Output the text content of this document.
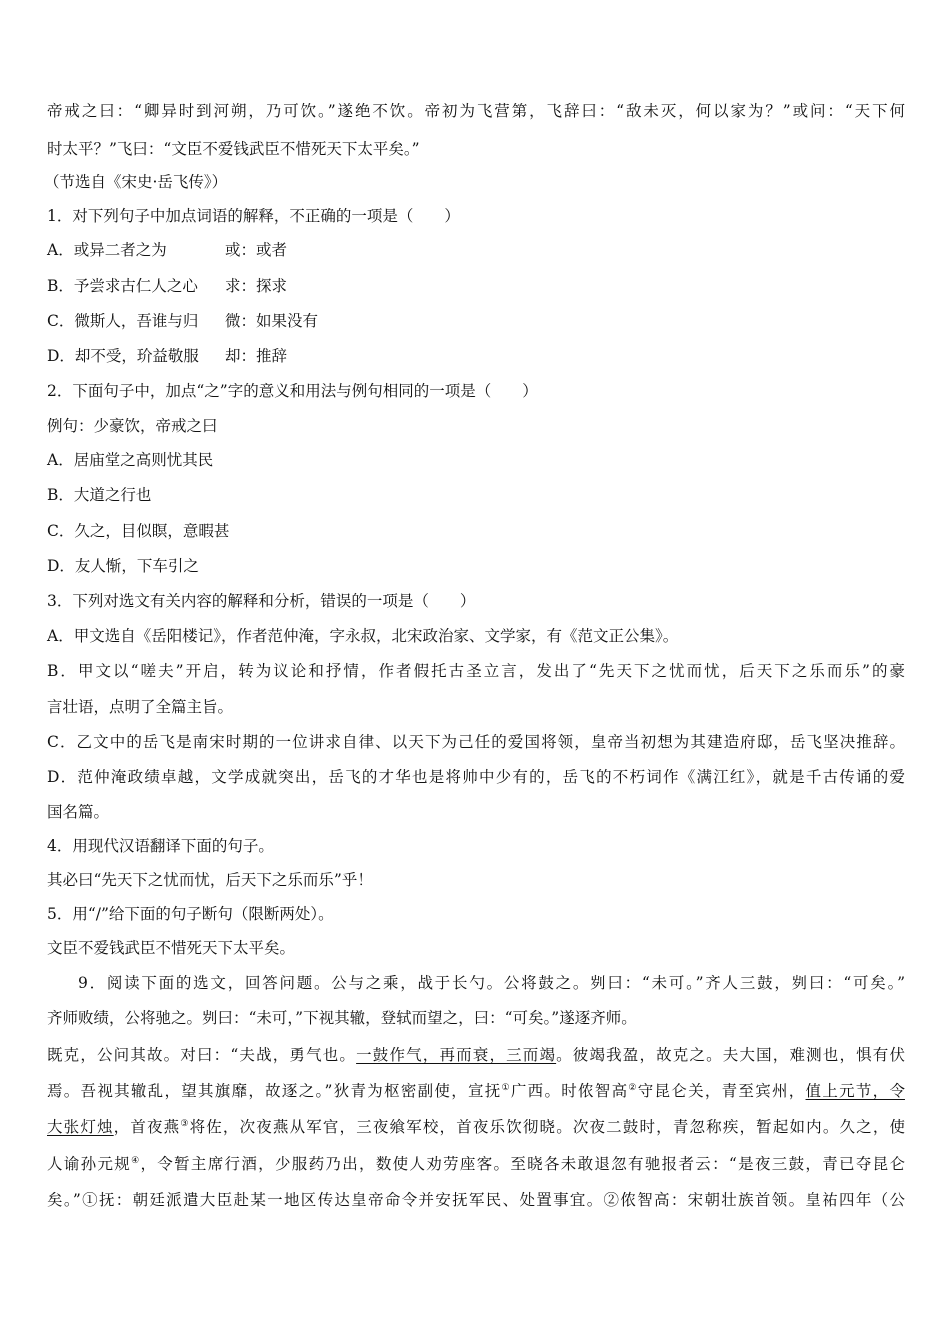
帝戒之曰：“卿异时到河朔，乃可饮。”遂绝不饮。帝初为飞营第，飞辞曰：“敌未灭，何以家为？”或问：“天下何
时太平？”飞曰：“文臣不爱钱武臣不惜死天下太平矣。”
（节选自《宋史·岳飞传》）
1．对下列句子中加点词语的解释，不正确的一项是（　　）
A．或异二者之为	或：或者
B．予尝求古仁人之心 求：探求
C．微斯人，吾谁与归 微：如果没有
D．却不受，玠益敬服 却：推辞
2．下面句子中，加点“之”字的意义和用法与例句相同的一项是（　　）
例句：少豪饮，帝戒之曰
A．居庙堂之高则忧其民
B．大道之行也
C．久之，目似瞑，意暇甚
D．友人惭，下车引之
3．下列对选文有关内容的解释和分析，错误的一项是（　　）
A．甲文选自《岳阳楼记》，作者范仲淹，字永叔，北宋政治家、文学家，有《范文正公集》。
B．甲文以“嗟夫”开启，转为议论和抒情，作者假托古圣立言，发出了“先天下之忧而忧，后天下之乐而乐”的豪
言壮语，点明了全篇主旨。
C．乙文中的岳飞是南宋时期的一位讲求自律、以天下为己任的爱国将领，皇帝当初想为其建造府邸，岳飞坚决推辞。
D．范仲淹政绩卓越，文学成就突出，岳飞的才华也是将帅中少有的，岳飞的不朽词作《满江红》，就是千古传诵的爱
国名篇。
4．用现代汉语翻译下面的句子。
其必曰“先天下之忧而忧，后天下之乐而乐”乎！
5．用“/”给下面的句子断句（限断两处）。
文臣不爱钱武臣不惜死天下太平矣。
9．阅读下面的选文，回答问题。公与之乘，战于长勺。公将鼓之。刿曰：“未可。”齐人三鼓，刿曰：“可矣。”
齐师败绩，公将驰之。刿曰：“未可，”下视其辙，登轼而望之，曰：“可矣。”遂逐齐师。
既克，公问其故。对曰：“夫战，勇气也。一鼓作气，再而衰，三而竭。彼竭我盈，故克之。夫大国，难测也，惧有伏
焉。吾视其辙乱，望其旗靡，故逐之。”狄青为枢密副使，宣抚①广西。时侬智高②守昆仑关，青至宾州，值上元节，令
大张灯烛，首夜燕③将佐，次夜燕从军官，三夜飨军校，首夜乐饮彻晓。次夜二鼓时，青忽称疾，暂起如内。久之，使
人谕孙元规④，令暂主席行酒，少服药乃出，数使人劝劳座客。至晓各未敢退忽有驰报者云：“是夜三鼓，青已夺昆仑
矣。”①抚：朝廷派遣大臣赴某一地区传达皇帝命令并安抚军民、处置事宜。②侬智高：宋朝壮族首领。皇祐四年（公
